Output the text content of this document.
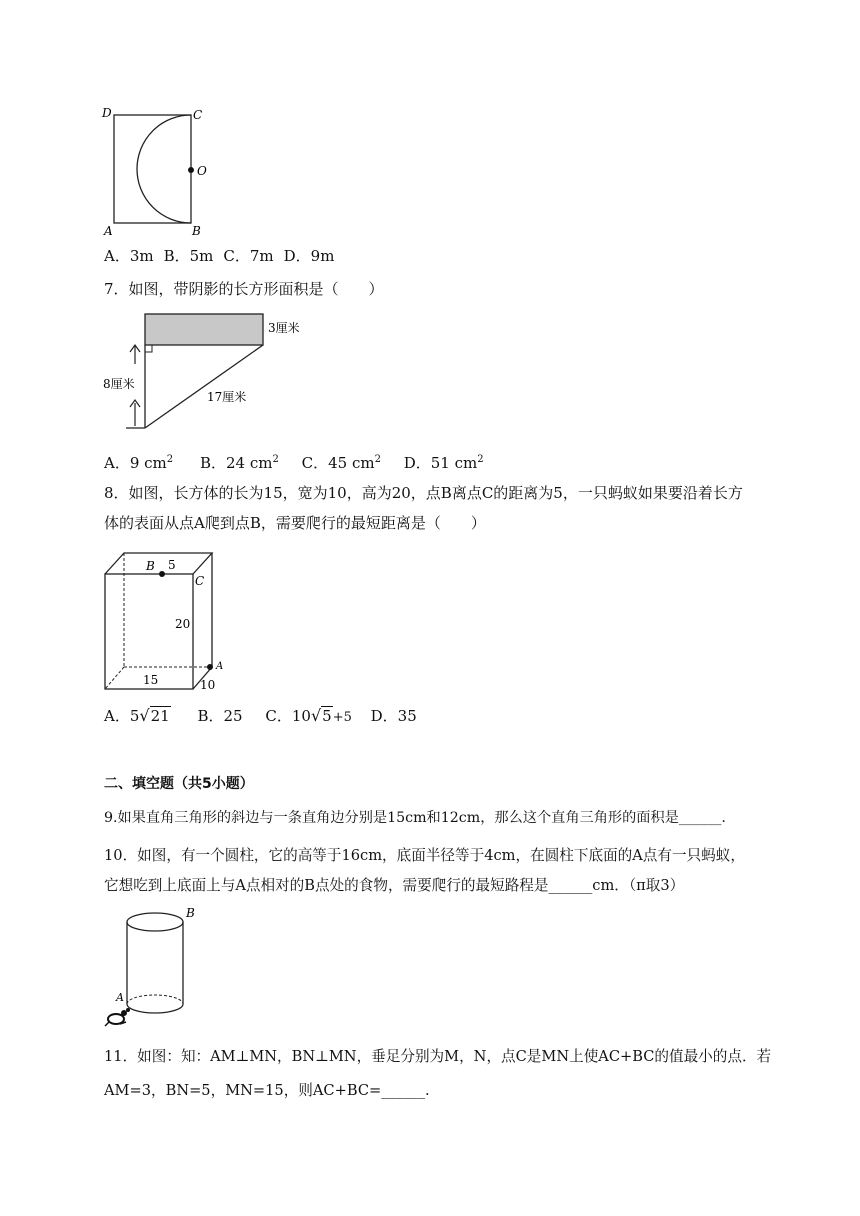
D	C
O
A	B
A．3m B．5m C．7m D．9m
7．如图，带阴影的长方形面积是（　　）
3厘米
8厘米
17厘米
A．9 $cm^2$ B．24 $cm^2$ C．45 $cm^2$ D．51 $cm^2$
8．如图，长方体的长为15，宽为10，高为20，点B离点C的距离为5，一只蚂蚁如果要沿着长方
体的表面从点A爬到点B，需要爬行的最短距离是（　　）
B 5
C
20
A
15	10
A．5√21 B．25 C．10√5+5 D．35
二、填空题（共5小题）
9.如果直角三角形的斜边与一条直角边分别是15cm和12cm，那么这个直角三角形的面积是______.
10．如图，有一个圆柱，它的高等于16cm，底面半径等于4cm，在圆柱下底面的A点有一只蚂蚁，
它想吃到上底面上与A点相对的B点处的食物，需要爬行的最短路程是______cm．（π取3）
B
A
11．如图：知：AM⊥MN，BN⊥MN，垂足分别为M，N，点C是MN上使AC+BC的值最小的点．若
AM=3，BN=5，MN=15，则AC+BC=______.
